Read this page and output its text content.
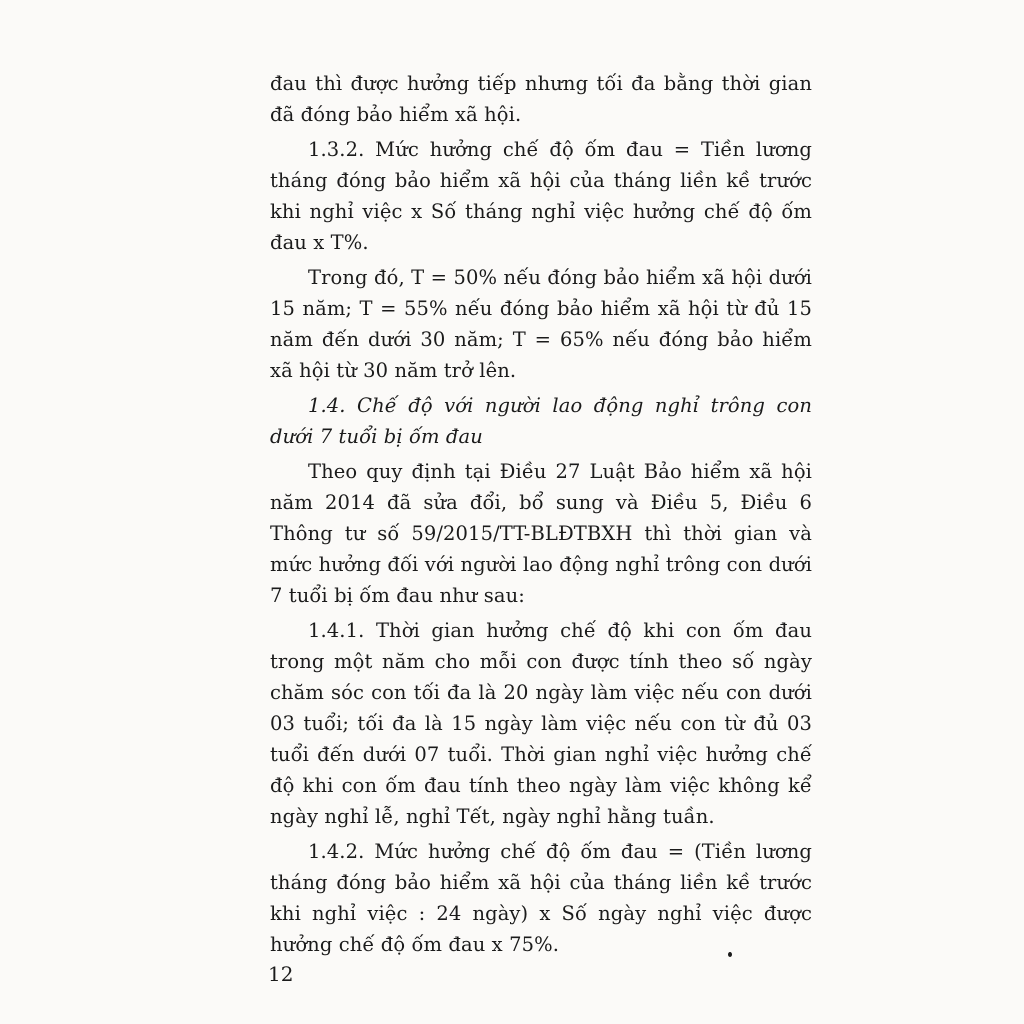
đau thì được hưởng tiếp nhưng tối đa bằng thời gian đã đóng bảo hiểm xã hội.

1.3.2. Mức hưởng chế độ ốm đau = Tiền lương tháng đóng bảo hiểm xã hội của tháng liền kề trước khi nghỉ việc x Số tháng nghỉ việc hưởng chế độ ốm đau x T%.

Trong đó, T = 50% nếu đóng bảo hiểm xã hội dưới 15 năm; T = 55% nếu đóng bảo hiểm xã hội từ đủ 15 năm đến dưới 30 năm; T = 65% nếu đóng bảo hiểm xã hội từ 30 năm trở lên.

1.4. Chế độ với người lao động nghỉ trông con dưới 7 tuổi bị ốm đau

Theo quy định tại Điều 27 Luật Bảo hiểm xã hội năm 2014 đã sửa đổi, bổ sung và Điều 5, Điều 6 Thông tư số 59/2015/TT-BLĐTBXH thì thời gian và mức hưởng đối với người lao động nghỉ trông con dưới 7 tuổi bị ốm đau như sau:

1.4.1. Thời gian hưởng chế độ khi con ốm đau trong một năm cho mỗi con được tính theo số ngày chăm sóc con tối đa là 20 ngày làm việc nếu con dưới 03 tuổi; tối đa là 15 ngày làm việc nếu con từ đủ 03 tuổi đến dưới 07 tuổi. Thời gian nghỉ việc hưởng chế độ khi con ốm đau tính theo ngày làm việc không kể ngày nghỉ lễ, nghỉ Tết, ngày nghỉ hằng tuần.

1.4.2. Mức hưởng chế độ ốm đau = (Tiền lương tháng đóng bảo hiểm xã hội của tháng liền kề trước khi nghỉ việc : 24 ngày) x Số ngày nghỉ việc được hưởng chế độ ốm đau x 75%.

12
